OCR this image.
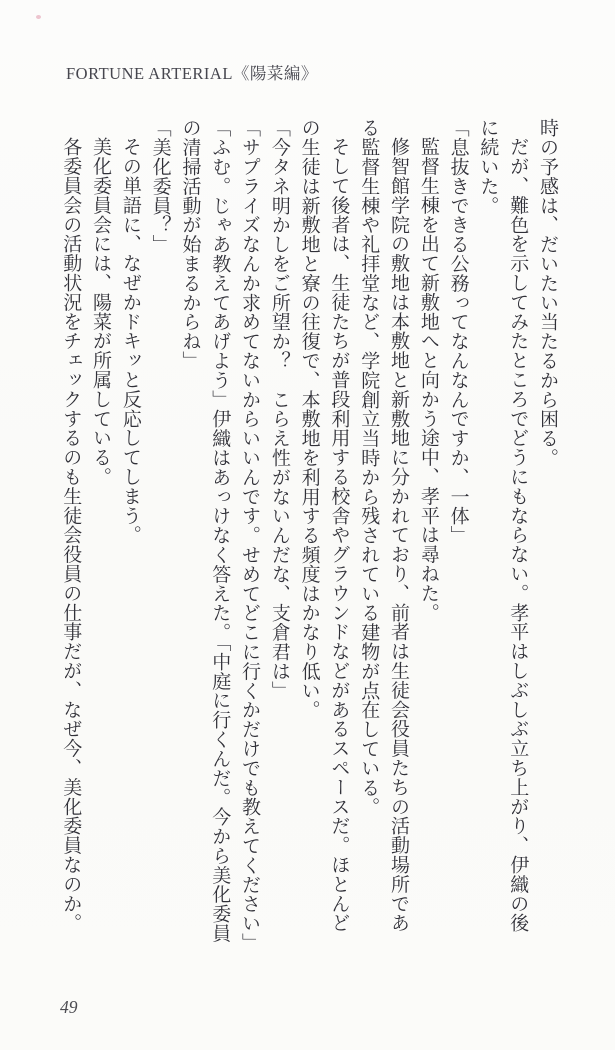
FORTUNE ARTERIAL《陽菜編》

時の予感は、だいたい当たるから困る。

だが、難色を示してみたところでどうにもならない。孝平はしぶしぶ立ち上がり、伊織の後

に続いた。

「息抜きできる公務ってなんなんですか、一体」

監督生棟を出て新敷地へと向かう途中、孝平は尋ねた。

修智館学院の敷地は本敷地と新敷地に分かれており、前者は生徒会役員たちの活動場所であ

る監督生棟や礼拝堂など、学院創立当時から残されている建物が点在している。

そして後者は、生徒たちが普段利用する校舎やグラウンドなどがあるスペースだ。ほとんど

の生徒は新敷地と寮の往復で、本敷地を利用する頻度はかなり低い。

「今タネ明かしをご所望か？　こらえ性がないんだな、支倉君は」

「サプライズなんか求めてないからいいんです。せめてどこに行くかだけでも教えてください」

「ふむ。じゃあ教えてあげよう」伊織はあっけなく答えた。「中庭に行くんだ。今から美化委員

の清掃活動が始まるからね」

「美化委員？」

その単語に、なぜかドキッと反応してしまう。

美化委員会には、陽菜が所属している。

各委員会の活動状況をチェックするのも生徒会役員の仕事だが、なぜ今、美化委員なのか。

49
